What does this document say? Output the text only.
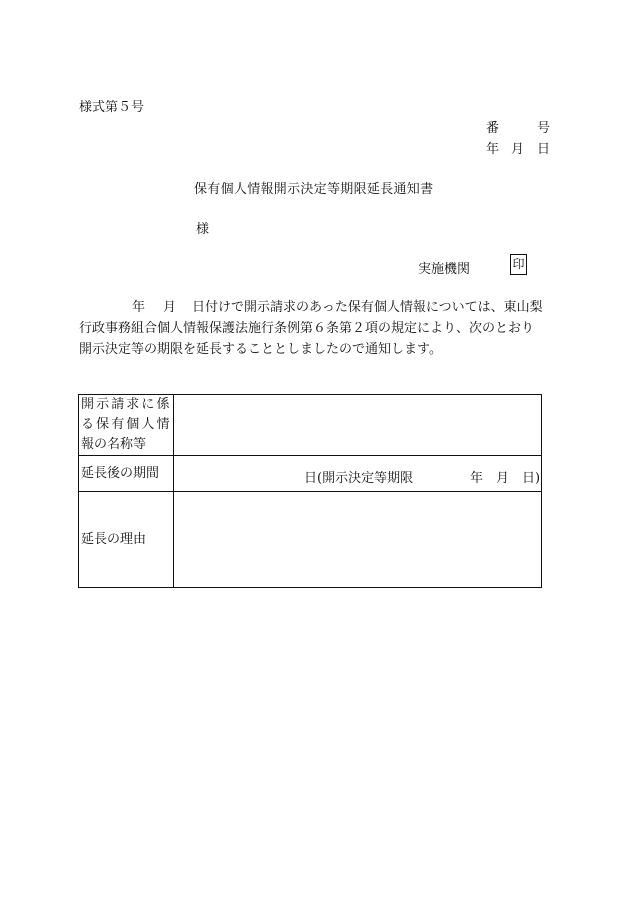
様式第５号
番	号
年 月 日
保有個人情報開示決定等期限延長通知書
様
実施機関	印

年 月 日付けで開示請求のあった保有個人情報については、東山梨

行政事務組合個人情報保護法施行条例第６条第２項の規定により、次のとおり

開示決定等の期限を延長することとしましたので通知します。

開示請求に係
る保有個人情
報の名称等	

延長後の期間	日 (開示決定等期限 年 月 日)

延長の理由	
